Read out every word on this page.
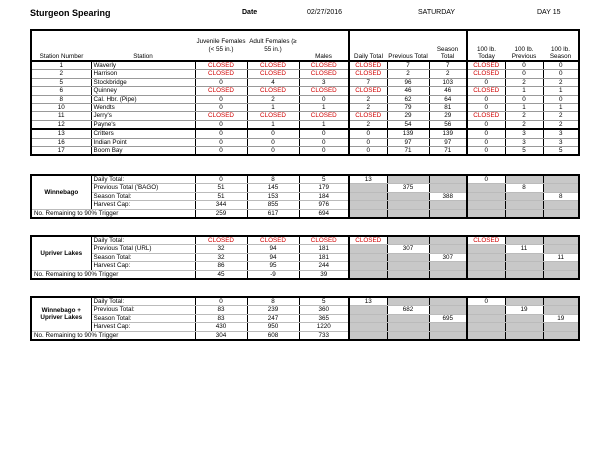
Sturgeon Spearing	Date	02/27/2016	SATURDAY	DAY 15
Station Number	Station	Juvenile Females (< 55 in.)	Adult Females (≥ 55 in.)	Males	Daily Total	Previous Total	Season Total	100 lb. Today	100 lb. Previous	100 lb. Season
1	Waverly	CLOSED	CLOSED	CLOSED	CLOSED	7	7	CLOSED	0	0
2	Harrison	CLOSED	CLOSED	CLOSED	CLOSED	2	2	CLOSED	0	0
5	Stockbridge	0	4	3	7	96	103	0	2	2
6	Quinney	CLOSED	CLOSED	CLOSED	CLOSED	46	46	CLOSED	1	1
8	Cal. Hbr. (Pipe)	0	2	0	2	62	64	0	0	0
10	Wendts	0	1	1	2	79	81	0	1	1
11	Jerry's	CLOSED	CLOSED	CLOSED	CLOSED	29	29	CLOSED	2	2
12	Payne's	0	1	1	2	54	56	0	2	2
13	Critters	0	0	0	0	139	139	0	3	3
16	Indian Point	0	0	0	0	97	97	0	3	3
17	Boom Bay	0	0	0	0	71	71	0	5	5
Winnebago	Daily Total:	0	8	5	13			0		
	Previous Total ('BAGO)	51	145	179		375			8	
	Season Total:	51	153	184			388			8
	Harvest Cap:	344	855	976						
No. Remaining to 90% Trigger		259	617	694						
Upriver Lakes	Daily Total:	CLOSED	CLOSED	CLOSED	CLOSED			CLOSED		
	Previous Total (URL)	32	94	181		307			11	
	Season Total:	32	94	181			307			11
	Harvest Cap:	86	95	244						
No. Remaining to 90% Trigger		45	-9	39						
Winnebago + Upriver Lakes	Daily Total:	0	8	5	13			0		
	Previous Total:	83	239	360		682			19	
	Season Total:	83	247	365			695			19
	Harvest Cap:	430	950	1220						
No. Remaining to 90% Trigger		304	608	733						
